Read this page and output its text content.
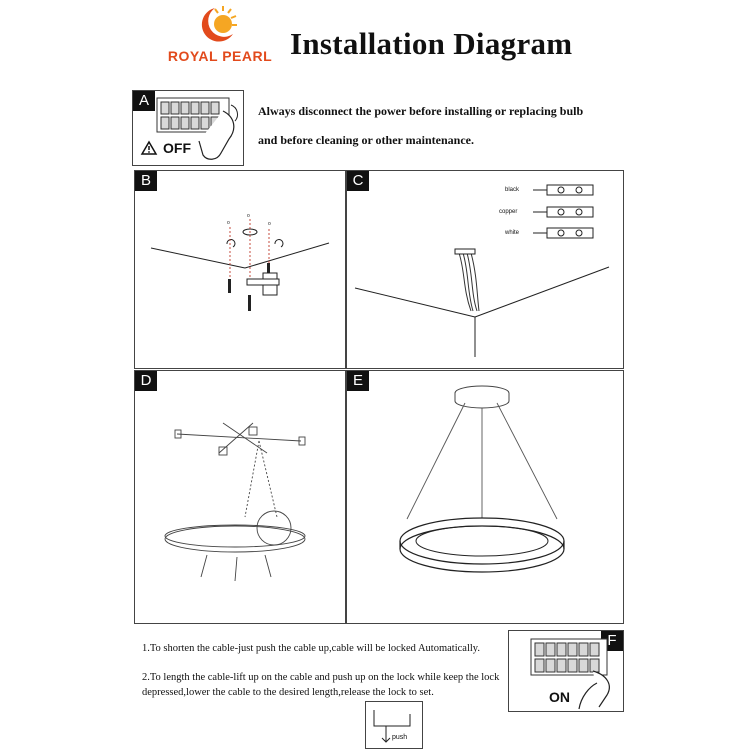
ROYAL PEARL Installation Diagram
A
OFF
Always disconnect the power before installing or replacing bulb
and before cleaning or other maintenance.
B
o
o
o
C
black
copper
white
D	E
1.To shorten the cable-just push the cable up,cable will be locked Automatically.
2.To length the cable-lift up on the cable and push up on the lock while keep the lock
depressed,lower the cable to the desired length,release the lock to set.
push
F
ON
